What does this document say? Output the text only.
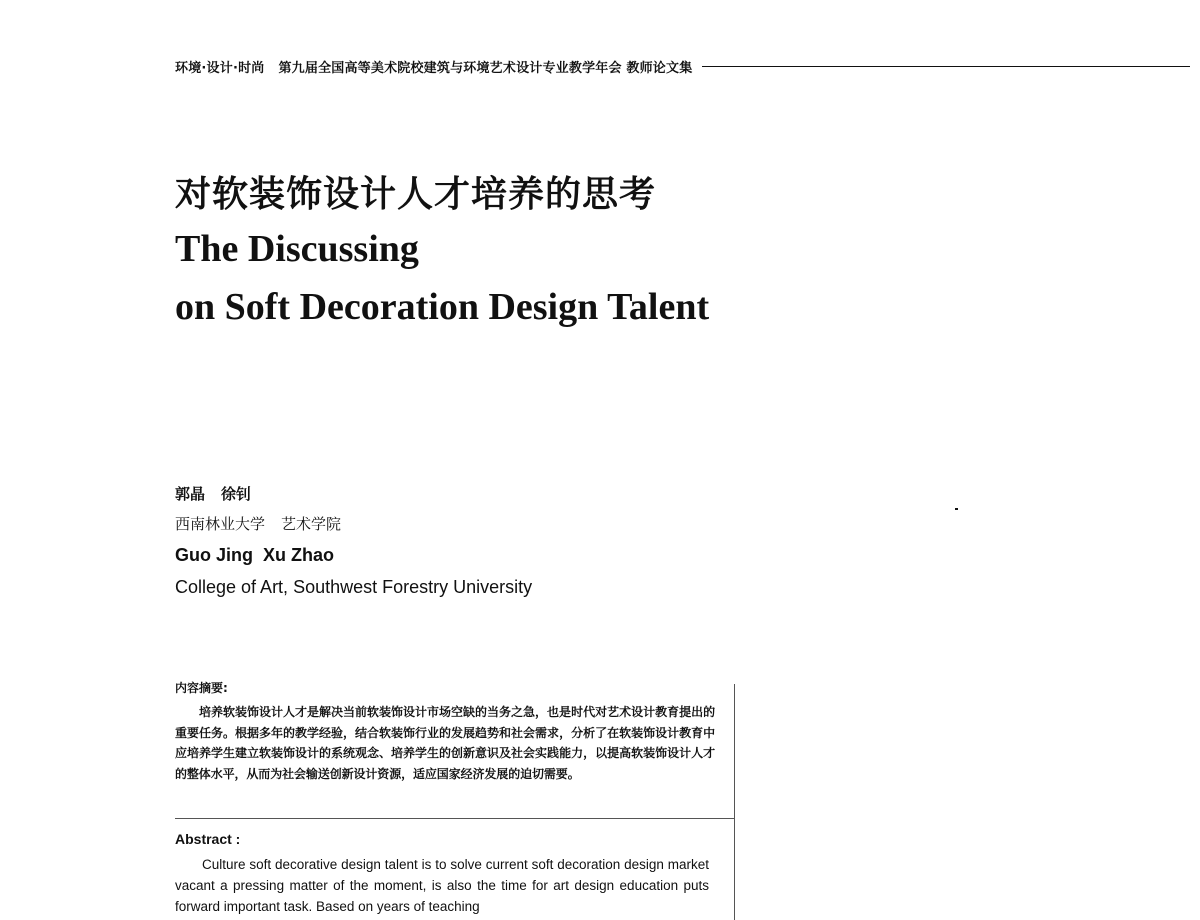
环境·设计·时尚 第九届全国高等美术院校建筑与环境艺术设计专业教学年会 教师论文集
对软装饰设计人才培养的思考
The Discussing
on Soft Decoration Design Talent

郭晶 徐钊

西南林业大学 艺术学院

Guo Jing Xu Zhao

College of Art, Southwest Forestry University

内容摘要:

培养软装饰设计人才是解决当前软装饰设计市场空缺的当务之急，也是时代对艺术设计教育提出的重要任务。根据多年的教学经验，结合软装饰行业的发展趋势和社会需求，分析了在软装饰设计教育中应培养学生建立软装饰设计的系统观念、培养学生的创新意识及社会实践能力，以提高软装饰设计人才的整体水平，从而为社会输送创新设计资源，适应国家经济发展的迫切需要。

Abstract :

Culture soft decorative design talent is to solve current soft decoration design market vacant a pressing matter of the moment, is also the time for art design education puts forward important task. Based on years of teaching
